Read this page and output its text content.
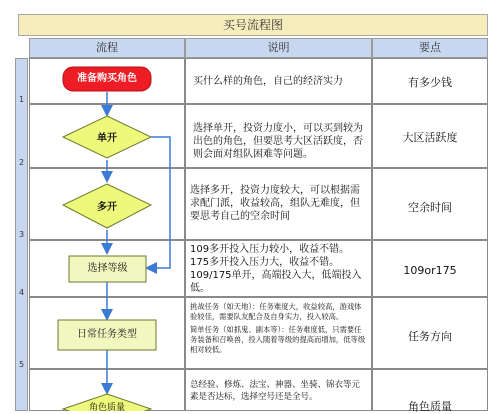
买号流程图
流程	说明	要点
1
2
3
4
5
准备购买角色
单开
多开
选择等级
日常任务类型
角色质量
买什么样的角色，自己的经济实力
选择单开，投资力度小，可以买到较为出色的角色，但要思考大区活跃度，否则会面对组队困难等问题。
选择多开，投资力度较大，可以根据需求配门派，收益较高，组队无难度，但要思考自己的空余时间
109多开投入压力较小，收益不错。
175多开投入压力大，收益不错。
109/175单开，高端投入大，低端投入低。
挑战任务（如天地）：任务难度大，收益较高，游戏体验较佳，需要队友配合及自身实力，投入较高。
简单任务（如抓鬼、副本等）：任务难度低，只需要任务装备和召唤兽，投入随着等级的提高而增加，低等级相对较低。
总经验、修炼、法宝、神器、坐骑、锦衣等元素是否达标，选择空号还是全号。
有多少钱
大区活跃度
空余时间
109or175
任务方向
角色质量
